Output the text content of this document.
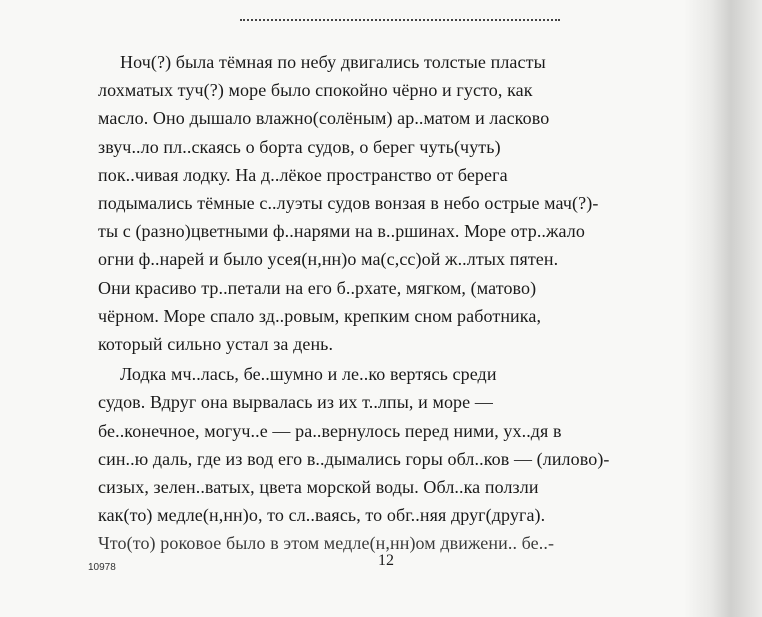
Ноч(?) была тёмная по небу двигались толстые пласты
лохматых туч(?) море было спокойно чёрно и густо, как
масло. Оно дышало влажно(солёным) ар..матом и ласково
звуч..ло пл..скаясь о борта судов, о берег чуть(чуть)
пок..чивая лодку. На д..лёкое пространство от берега
подымались тёмные с..луэты судов вонзая в небо острые мач(?)-
ты с (разно)цветными ф..нарями на в..ршинах. Море отр..жало
огни ф..нарей и было усея(н,нн)о ма(с,сс)ой ж..лтых пятен.
Они красиво тр..петали на его б..рхате, мягком, (матово)
чёрном. Море спало зд..ровым, крепким сном работника,
который сильно устал за день.
Лодка мч..лась, бе..шумно и ле..ко вертясь среди
судов. Вдруг она вырвалась из их т..лпы, и море —
бе..конечное, могуч..е — ра..вернулось перед ними, ух..дя в
син..ю даль, где из вод его в..дымались горы обл..ков — (лилово)-
сизых, зелен..ватых, цвета морской воды. Обл..ка ползли
как(то) медле(н,нн)о, то сл..ваясь, то обг..няя друг(друга).
Что(то) роковое было в этом медле(н,нн)ом движени.. бе..-
10978	12
